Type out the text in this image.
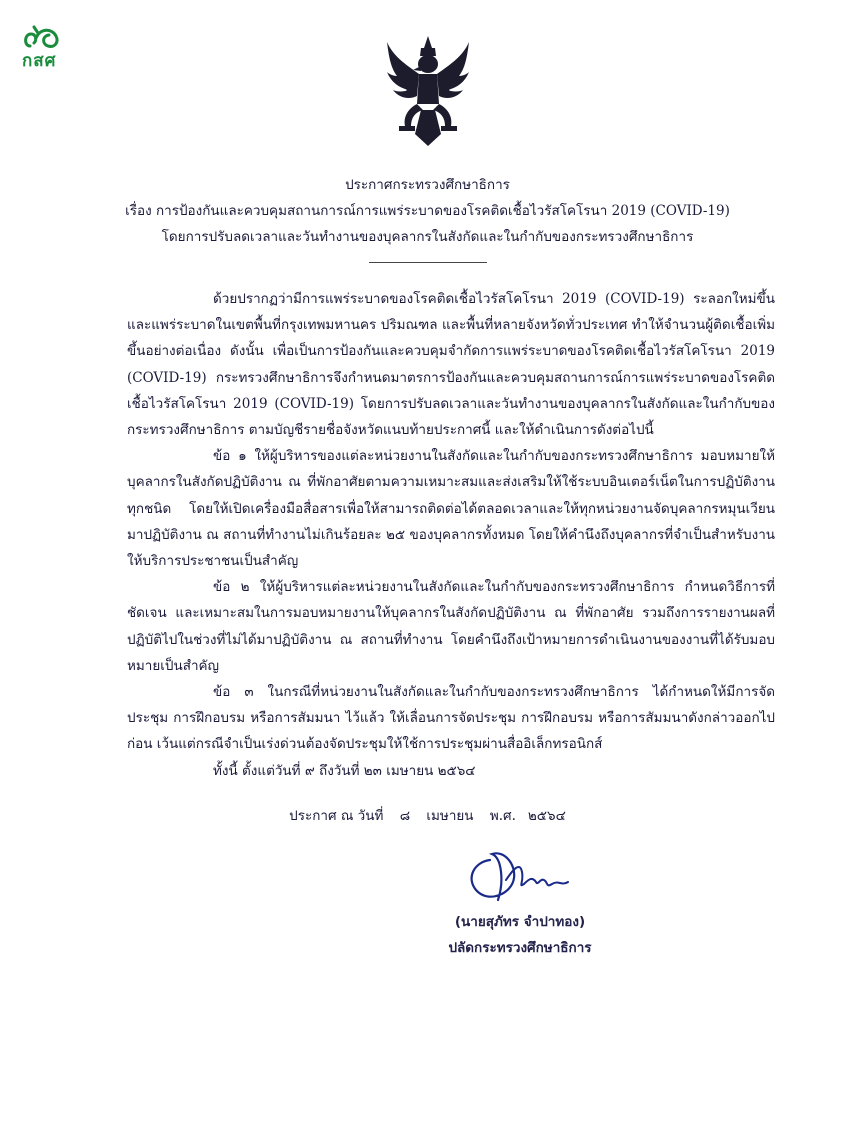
กสศ
ประกาศกระทรวงศึกษาธิการ
เรื่อง การป้องกันและควบคุมสถานการณ์การแพร่ระบาดของโรคติดเชื้อไวรัสโคโรนา 2019 (COVID-19)
โดยการปรับลดเวลาและวันทำงานของบุคลากรในสังกัดและในกำกับของกระทรวงศึกษาธิการ

ด้วยปรากฏว่ามีการแพร่ระบาดของโรคติดเชื้อไวรัสโคโรนา 2019 (COVID-19) ระลอกใหม่ขึ้น และแพร่ระบาดในเขตพื้นที่กรุงเทพมหานคร ปริมณฑล และพื้นที่หลายจังหวัดทั่วประเทศ ทำให้จำนวนผู้ติดเชื้อเพิ่มขึ้นอย่างต่อเนื่อง ดังนั้น เพื่อเป็นการป้องกันและควบคุมจำกัดการแพร่ระบาดของโรคติดเชื้อไวรัสโคโรนา 2019 (COVID-19) กระทรวงศึกษาธิการจึงกำหนดมาตรการป้องกันและควบคุมสถานการณ์การแพร่ระบาดของโรคติดเชื้อไวรัสโคโรนา 2019 (COVID-19) โดยการปรับลดเวลาและวันทำงานของบุคลากรในสังกัดและในกำกับของกระทรวงศึกษาธิการ ตามบัญชีรายชื่อจังหวัดแนบท้ายประกาศนี้ และให้ดำเนินการดังต่อไปนี้

ข้อ ๑ ให้ผู้บริหารของแต่ละหน่วยงานในสังกัดและในกำกับของกระทรวงศึกษาธิการ มอบหมายให้บุคลากรในสังกัดปฏิบัติงาน ณ ที่พักอาศัยตามความเหมาะสมและส่งเสริมให้ใช้ระบบอินเตอร์เน็ตในการปฏิบัติงานทุกชนิด โดยให้เปิดเครื่องมือสื่อสารเพื่อให้สามารถติดต่อได้ตลอดเวลาและให้ทุกหน่วยงานจัดบุคลากรหมุนเวียนมาปฏิบัติงาน ณ สถานที่ทำงานไม่เกินร้อยละ ๒๕ ของบุคลากรทั้งหมด โดยให้คำนึงถึงบุคลากรที่จำเป็นสำหรับงานให้บริการประชาชนเป็นสำคัญ

ข้อ ๒ ให้ผู้บริหารแต่ละหน่วยงานในสังกัดและในกำกับของกระทรวงศึกษาธิการ กำหนดวิธีการที่ชัดเจน และเหมาะสมในการมอบหมายงานให้บุคลากรในสังกัดปฏิบัติงาน ณ ที่พักอาศัย รวมถึงการรายงานผลที่ปฏิบัติไปในช่วงที่ไม่ได้มาปฏิบัติงาน ณ สถานที่ทำงาน โดยคำนึงถึงเป้าหมายการดำเนินงานของงานที่ได้รับมอบหมายเป็นสำคัญ

ข้อ ๓ ในกรณีที่หน่วยงานในสังกัดและในกำกับของกระทรวงศึกษาธิการ ได้กำหนดให้มีการจัดประชุม การฝึกอบรม หรือการสัมมนา ไว้แล้ว ให้เลื่อนการจัดประชุม การฝึกอบรม หรือการสัมมนาดังกล่าวออกไปก่อน เว้นแต่กรณีจำเป็นเร่งด่วนต้องจัดประชุมให้ใช้การประชุมผ่านสื่ออิเล็กทรอนิกส์

ทั้งนี้ ตั้งแต่วันที่ ๙ ถึงวันที่ ๒๓ เมษายน ๒๕๖๔

ประกาศ ณ วันที่ ๘ เมษายน พ.ศ. ๒๕๖๔
(นายสุภัทร จำปาทอง)
ปลัดกระทรวงศึกษาธิการ
